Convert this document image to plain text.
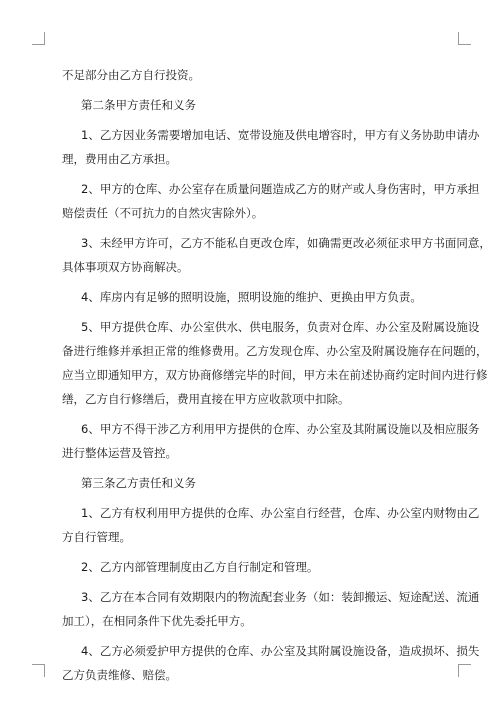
不足部分由乙方自行投资。
第二条甲方责任和义务
1、乙方因业务需要增加电话、宽带设施及供电增容时，甲方有义务协助申请办
理，费用由乙方承担。
2、甲方的仓库、办公室存在质量问题造成乙方的财产或人身伤害时，甲方承担
赔偿责任（不可抗力的自然灾害除外）。
3、未经甲方许可，乙方不能私自更改仓库，如确需更改必须征求甲方书面同意，
具体事项双方协商解决。
4、库房内有足够的照明设施，照明设施的维护、更换由甲方负责。
5、甲方提供仓库、办公室供水、供电服务，负责对仓库、办公室及附属设施设
备进行维修并承担正常的维修费用。乙方发现仓库、办公室及附属设施存在问题的，
应当立即通知甲方，双方协商修缮完毕的时间，甲方未在前述协商约定时间内进行修
缮，乙方自行修缮后，费用直接在甲方应收款项中扣除。
6、甲方不得干涉乙方利用甲方提供的仓库、办公室及其附属设施以及相应服务
进行整体运营及管控。
第三条乙方责任和义务
1、乙方有权利用甲方提供的仓库、办公室自行经营，仓库、办公室内财物由乙
方自行管理。
2、乙方内部管理制度由乙方自行制定和管理。
3、乙方在本合同有效期限内的物流配套业务（如：装卸搬运、短途配送、流通
加工），在相同条件下优先委托甲方。
4、乙方必须爱护甲方提供的仓库、办公室及其附属设施设备，造成损坏、损失
乙方负责维修、赔偿。
